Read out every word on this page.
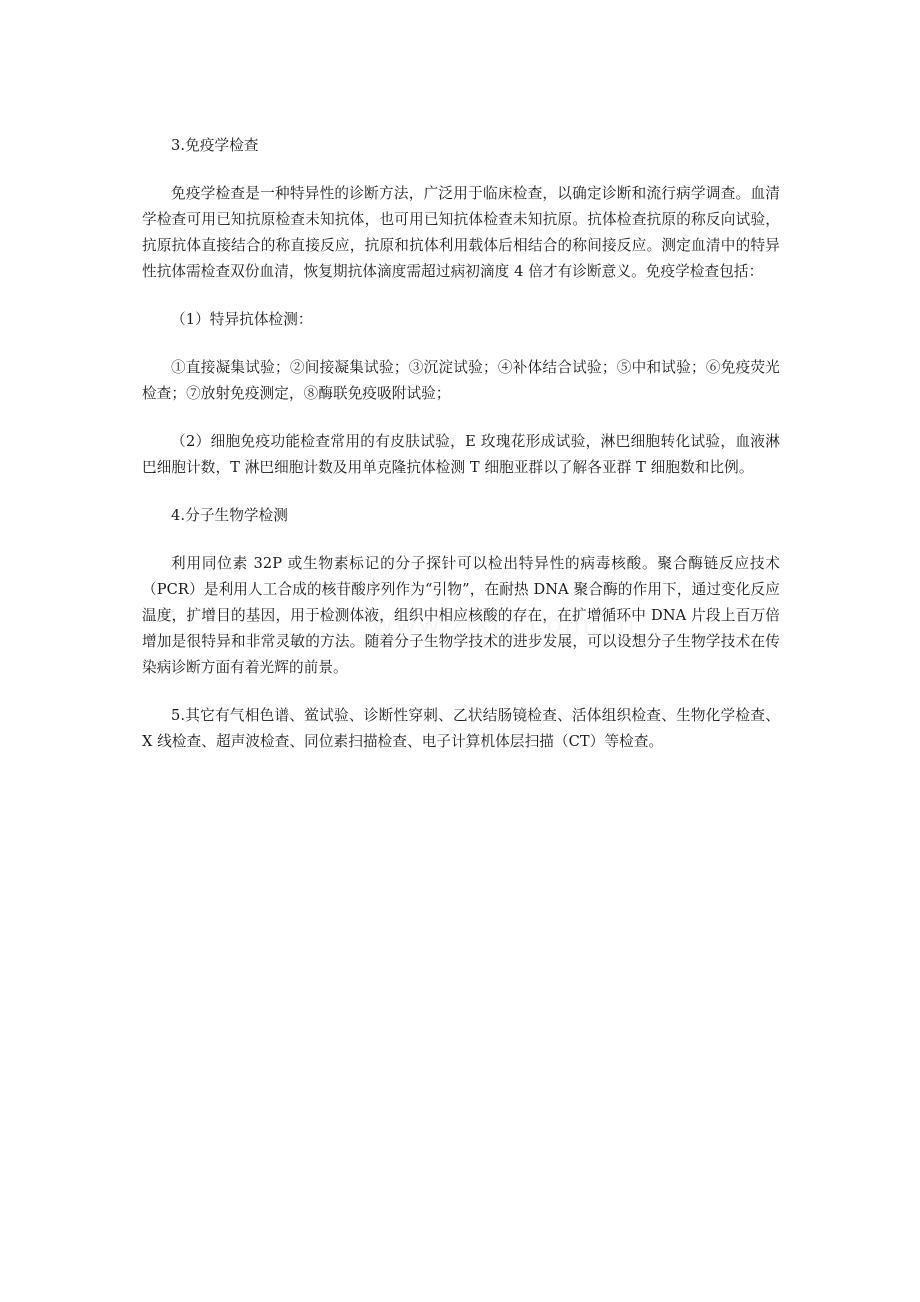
3.免疫学检查

免疫学检查是一种特异性的诊断方法，广泛用于临床检查，以确定诊断和流行病学调查。血清学检查可用已知抗原检查未知抗体，也可用已知抗体检查未知抗原。抗体检查抗原的称反向试验，抗原抗体直接结合的称直接反应，抗原和抗体利用载体后相结合的称间接反应。测定血清中的特异性抗体需检查双份血清，恢复期抗体滴度需超过病初滴度 4 倍才有诊断意义。免疫学检查包括：

（1）特异抗体检测：

①直接凝集试验；②间接凝集试验；③沉淀试验；④补体结合试验；⑤中和试验；⑥免疫荧光检查；⑦放射免疫测定，⑧酶联免疫吸附试验；

（2）细胞免疫功能检查常用的有皮肤试验，E 玫瑰花形成试验，淋巴细胞转化试验，血液淋巴细胞计数，T 淋巴细胞计数及用单克隆抗体检测 T 细胞亚群以了解各亚群 T 细胞数和比例。

4.分子生物学检测

利用同位素 32P 或生物素标记的分子探针可以检出特异性的病毒核酸。聚合酶链反应技术（PCR）是利用人工合成的核苷酸序列作为“引物”，在耐热 DNA 聚合酶的作用下，通过变化反应温度，扩增目的基因，用于检测体液，组织中相应核酸的存在，在扩增循环中 DNA 片段上百万倍增加是很特异和非常灵敏的方法。随着分子生物学技术的进步发展，可以设想分子生物学技术在传染病诊断方面有着光辉的前景。

5.其它有气相色谱、鲎试验、诊断性穿刺、乙状结肠镜检查、活体组织检查、生物化学检查、X 线检查、超声波检查、同位素扫描检查、电子计算机体层扫描（CT）等检查。
